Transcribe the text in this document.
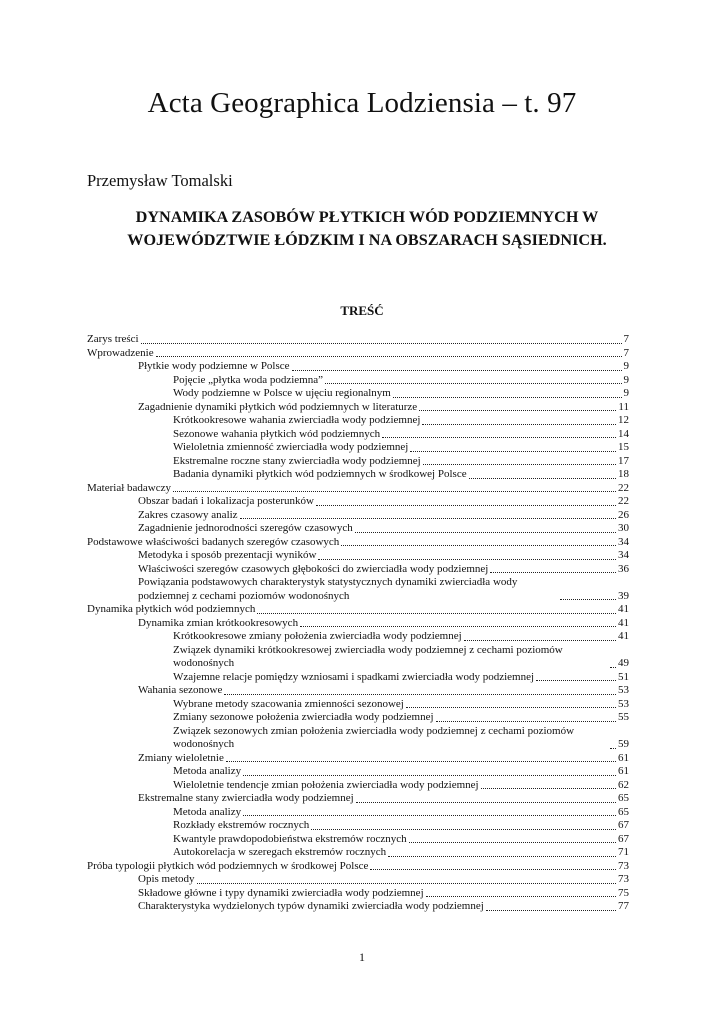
Acta Geographica Lodziensia – t. 97
Przemysław Tomalski
DYNAMIKA ZASOBÓW PŁYTKICH WÓD PODZIEMNYCH W
WOJEWÓDZTWIE ŁÓDZKIM I NA OBSZARACH SĄSIEDNICH.
TREŚĆ
Zarys treści	7
Wprowadzenie	7
Płytkie wody podziemne w Polsce	9
Pojęcie „płytka woda podziemna”	9
Wody podziemne w Polsce w ujęciu regionalnym	9
Zagadnienie dynamiki płytkich wód podziemnych w literaturze	11
Krótkookresowe wahania zwierciadła wody podziemnej	12
Sezonowe wahania płytkich wód podziemnych	14
Wieloletnia zmienność zwierciadła wody podziemnej	15
Ekstremalne roczne stany zwierciadła wody podziemnej	17
Badania dynamiki płytkich wód podziemnych w środkowej Polsce	18
Materiał badawczy	22
Obszar badań i lokalizacja posterunków	22
Zakres czasowy analiz	26
Zagadnienie jednorodności szeregów czasowych	30
Podstawowe właściwości badanych szeregów czasowych	34
Metodyka i sposób prezentacji wyników	34
Właściwości szeregów czasowych głębokości do zwierciadła wody podziemnej	36
Powiązania podstawowych charakterystyk statystycznych dynamiki zwierciadła wody podziemnej z cechami poziomów wodonośnych	39
Dynamika płytkich wód podziemnych	41
Dynamika zmian krótkookresowych	41
Krótkookresowe zmiany położenia zwierciadła wody podziemnej	41
Związek dynamiki krótkookresowej zwierciadła wody podziemnej z cechami poziomów wodonośnych	49
Wzajemne relacje pomiędzy wzniosami i spadkami zwierciadła wody podziemnej	51
Wahania sezonowe	53
Wybrane metody szacowania zmienności sezonowej	53
Zmiany sezonowe położenia zwierciadła wody podziemnej	55
Związek sezonowych zmian położenia zwierciadła wody podziemnej z cechami poziomów wodonośnych	59
Zmiany wieloletnie	61
Metoda analizy	61
Wieloletnie tendencje zmian położenia zwierciadła wody podziemnej	62
Ekstremalne stany zwierciadła wody podziemnej	65
Metoda analizy	65
Rozkłady ekstremów rocznych	67
Kwantyle prawdopodobieństwa ekstremów rocznych	67
Autokorelacja w szeregach ekstremów rocznych	71
Próba typologii płytkich wód podziemnych w środkowej Polsce	73
Opis metody	73
Składowe główne i typy dynamiki zwierciadła wody podziemnej	75
Charakterystyka wydzielonych typów dynamiki zwierciadła wody podziemnej	77
1
